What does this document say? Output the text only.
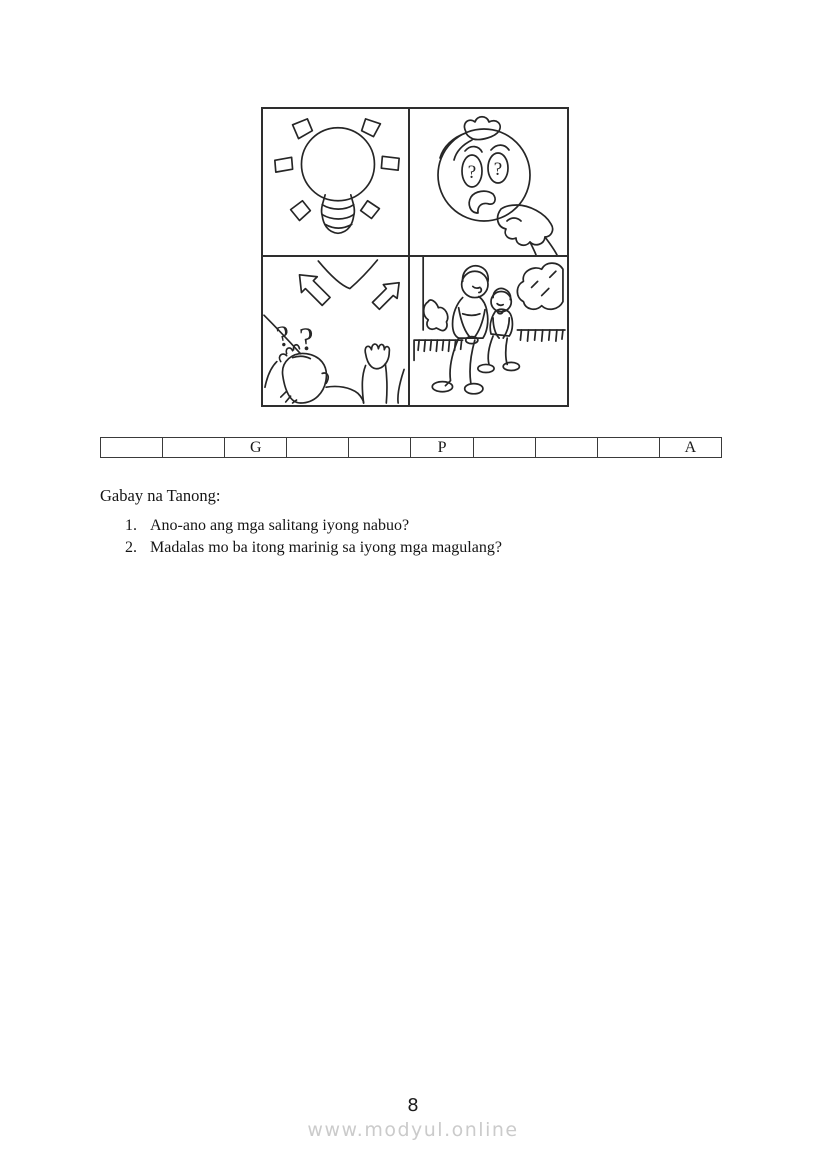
? ?
? ?
G	P	A
Gabay na Tanong:
1. Ano-ano ang mga salitang iyong nabuo?
2. Madalas mo ba itong marinig sa iyong mga magulang?
8
www.modyul.online
